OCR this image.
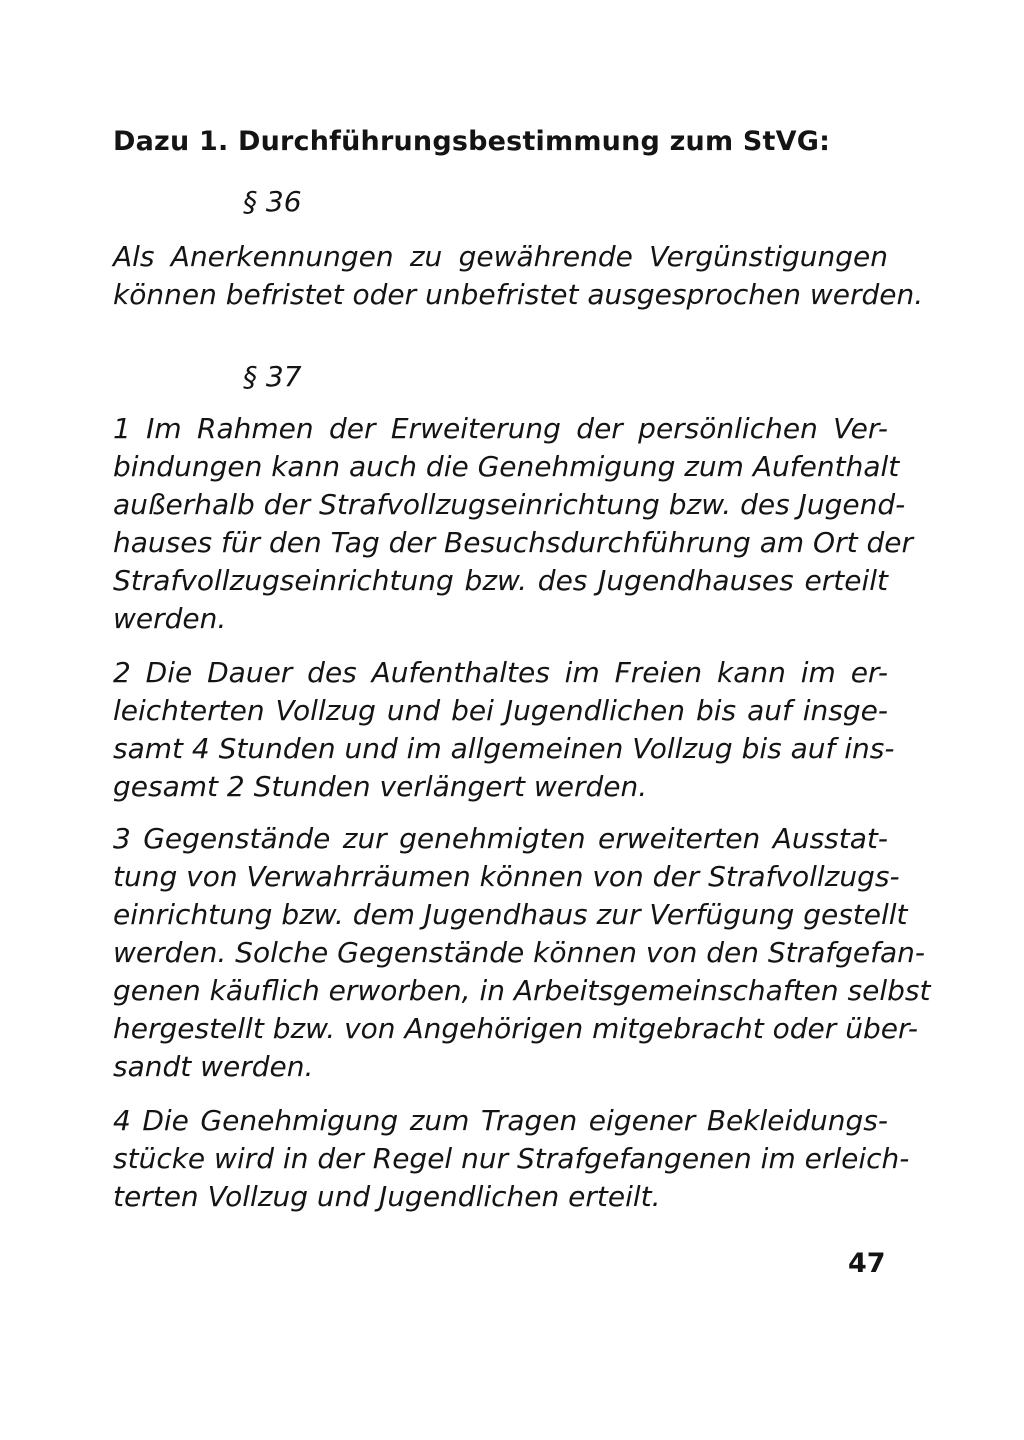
Dazu 1. Durchführungsbestimmung zum StVG:
§ 36
Als Anerkennungen zu gewährende Vergünstigungen
können befristet oder unbefristet ausgesprochen werden.
§ 37
1 Im Rahmen der Erweiterung der persönlichen Ver-
bindungen kann auch die Genehmigung zum Aufenthalt
außerhalb der Strafvollzugseinrichtung bzw. des Jugend-
hauses für den Tag der Besuchsdurchführung am Ort der
Strafvollzugseinrichtung bzw. des Jugendhauses erteilt
werden.
2 Die Dauer des Aufenthaltes im Freien kann im er-
leichterten Vollzug und bei Jugendlichen bis auf insge-
samt 4 Stunden und im allgemeinen Vollzug bis auf ins-
gesamt 2 Stunden verlängert werden.
3 Gegenstände zur genehmigten erweiterten Ausstat-
tung von Verwahrräumen können von der Strafvollzugs-
einrichtung bzw. dem Jugendhaus zur Verfügung gestellt
werden. Solche Gegenstände können von den Strafgefan-
genen käuflich erworben, in Arbeitsgemeinschaften selbst
hergestellt bzw. von Angehörigen mitgebracht oder über-
sandt werden.
4 Die Genehmigung zum Tragen eigener Bekleidungs-
stücke wird in der Regel nur Strafgefangenen im erleich-
terten Vollzug und Jugendlichen erteilt.
47
